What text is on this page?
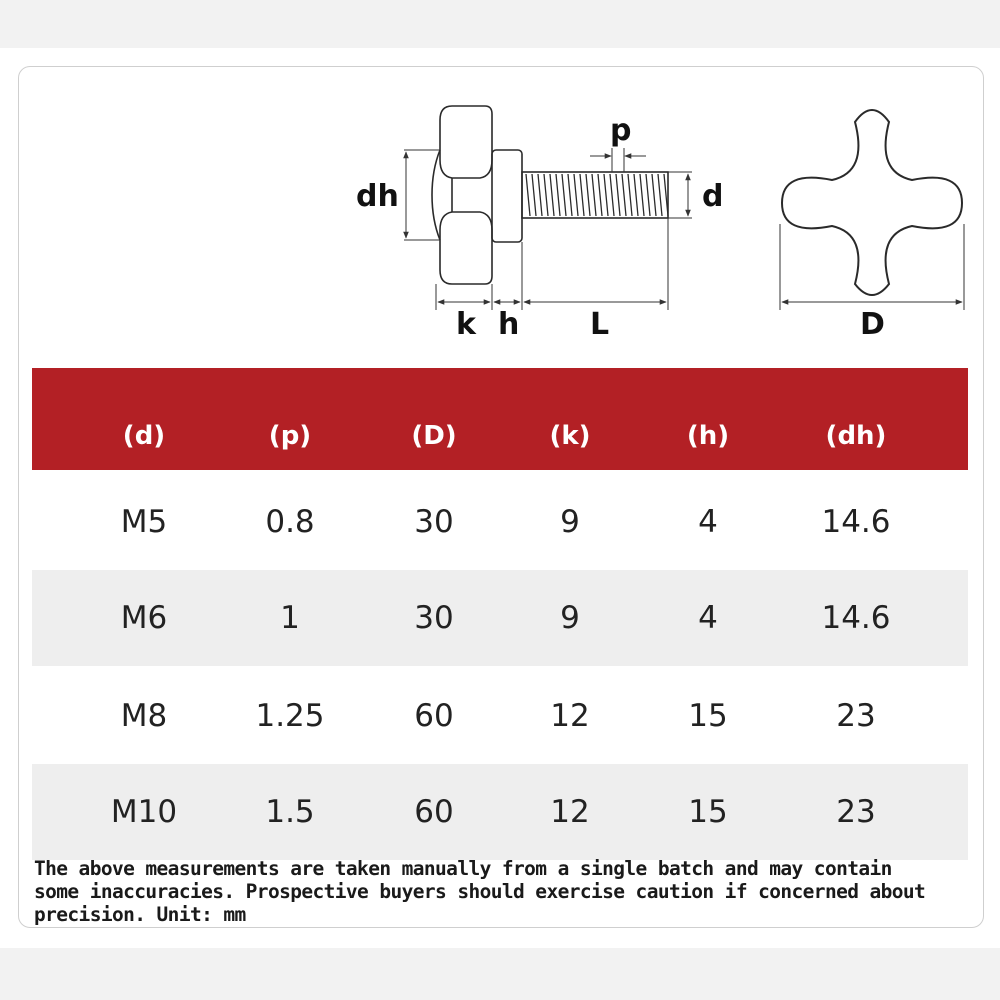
dh
p
d
k h L	D
(d)	(p)	(D)	(k)	(h)	(dh)
M5	0.8	30	9	4	14.6
M6	1	30	9	4	14.6
M8	1.25	60	12	15	23
M10	1.5	60	12	15	23
The above measurements are taken manually from a single batch and may contain
some inaccuracies. Prospective buyers should exercise caution if concerned about
precision. Unit: mm
